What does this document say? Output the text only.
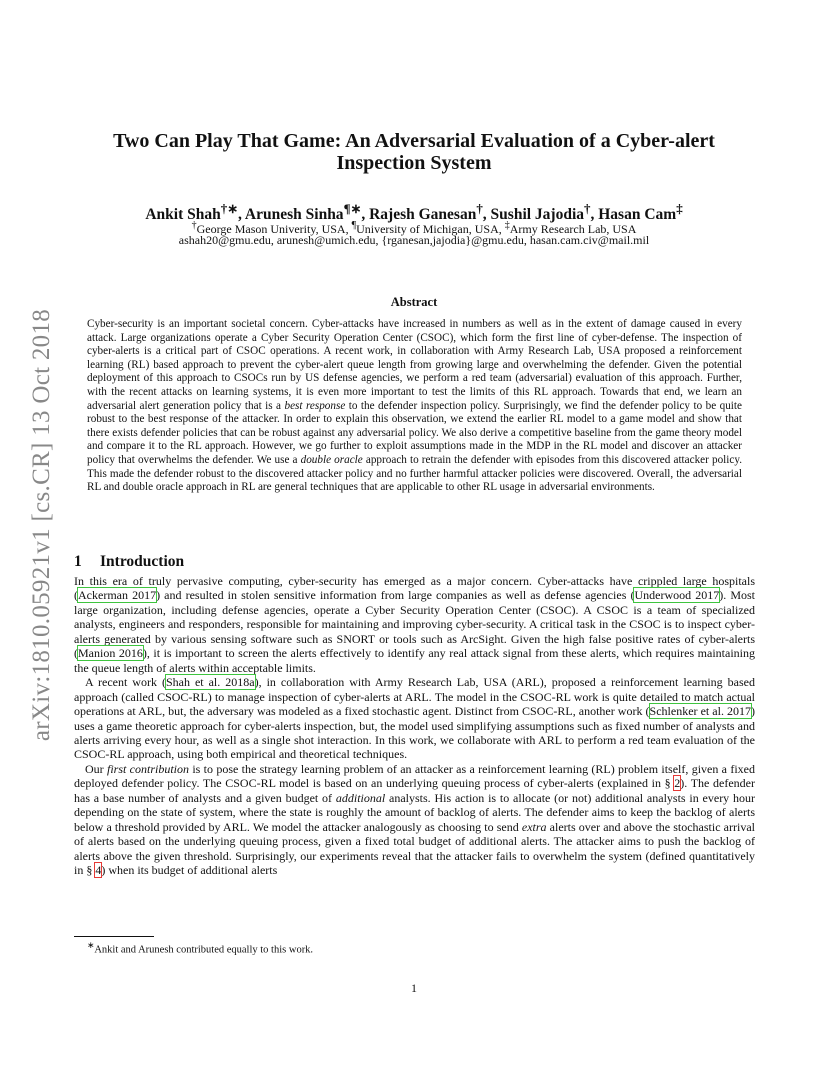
arXiv:1810.05921v1 [cs.CR] 13 Oct 2018
Two Can Play That Game: An Adversarial Evaluation of a Cyber-alert Inspection System
Ankit Shah†∗, Arunesh Sinha¶∗, Rajesh Ganesan†, Sushil Jajodia†, Hasan Cam‡
†George Mason Univerity, USA, ¶University of Michigan, USA, ‡Army Research Lab, USA
ashah20@gmu.edu, arunesh@umich.edu, {rganesan,jajodia}@gmu.edu, hasan.cam.civ@mail.mil
Abstract
Cyber-security is an important societal concern. Cyber-attacks have increased in numbers as well as in the extent of damage caused in every attack. Large organizations operate a Cyber Security Operation Center (CSOC), which form the first line of cyber-defense. The inspection of cyber-alerts is a critical part of CSOC operations. A recent work, in collaboration with Army Research Lab, USA proposed a reinforcement learning (RL) based approach to prevent the cyber-alert queue length from growing large and overwhelming the defender. Given the potential deployment of this approach to CSOCs run by US defense agencies, we perform a red team (adversarial) evaluation of this approach. Further, with the recent attacks on learning systems, it is even more important to test the limits of this RL approach. Towards that end, we learn an adversarial alert generation policy that is a best response to the defender inspection policy. Surprisingly, we find the defender policy to be quite robust to the best response of the attacker. In order to explain this observation, we extend the earlier RL model to a game model and show that there exists defender policies that can be robust against any adversarial policy. We also derive a competitive baseline from the game theory model and compare it to the RL approach. However, we go further to exploit assumptions made in the MDP in the RL model and discover an attacker policy that overwhelms the defender. We use a double oracle approach to retrain the defender with episodes from this discovered attacker policy. This made the defender robust to the discovered attacker policy and no further harmful attacker policies were discovered. Overall, the adversarial RL and double oracle approach in RL are general techniques that are applicable to other RL usage in adversarial environments.
1 Introduction

In this era of truly pervasive computing, cyber-security has emerged as a major concern. Cyber-attacks have crippled large hospitals (Ackerman 2017) and resulted in stolen sensitive information from large companies as well as defense agencies (Underwood 2017). Most large organization, including defense agencies, operate a Cyber Security Operation Center (CSOC). A CSOC is a team of specialized analysts, engineers and responders, responsible for maintaining and improving cyber-security. A critical task in the CSOC is to inspect cyber-alerts generated by various sensing software such as SNORT or tools such as ArcSight. Given the high false positive rates of cyber-alerts (Manion 2016), it is important to screen the alerts effectively to identify any real attack signal from these alerts, which requires maintaining the queue length of alerts within acceptable limits.

A recent work (Shah et al. 2018a), in collaboration with Army Research Lab, USA (ARL), proposed a reinforcement learning based approach (called CSOC-RL) to manage inspection of cyber-alerts at ARL. The model in the CSOC-RL work is quite detailed to match actual operations at ARL, but, the adversary was modeled as a fixed stochastic agent. Distinct from CSOC-RL, another work (Schlenker et al. 2017) uses a game theoretic approach for cyber-alerts inspection, but, the model used simplifying assumptions such as fixed number of analysts and alerts arriving every hour, as well as a single shot interaction. In this work, we collaborate with ARL to perform a red team evaluation of the CSOC-RL approach, using both empirical and theoretical techniques.

Our first contribution is to pose the strategy learning problem of an attacker as a reinforcement learning (RL) problem itself, given a fixed deployed defender policy. The CSOC-RL model is based on an underlying queuing process of cyber-alerts (explained in § 2). The defender has a base number of analysts and a given budget of additional analysts. His action is to allocate (or not) additional analysts in every hour depending on the state of system, where the state is roughly the amount of backlog of alerts. The defender aims to keep the backlog of alerts below a threshold provided by ARL. We model the attacker analogously as choosing to send extra alerts over and above the stochastic arrival of alerts based on the underlying queuing process, given a fixed total budget of additional alerts. The attacker aims to push the backlog of alerts above the given threshold. Surprisingly, our experiments reveal that the attacker fails to overwhelm the system (defined quantitatively in § 4) when its budget of additional alerts

∗Ankit and Arunesh contributed equally to this work.
1
